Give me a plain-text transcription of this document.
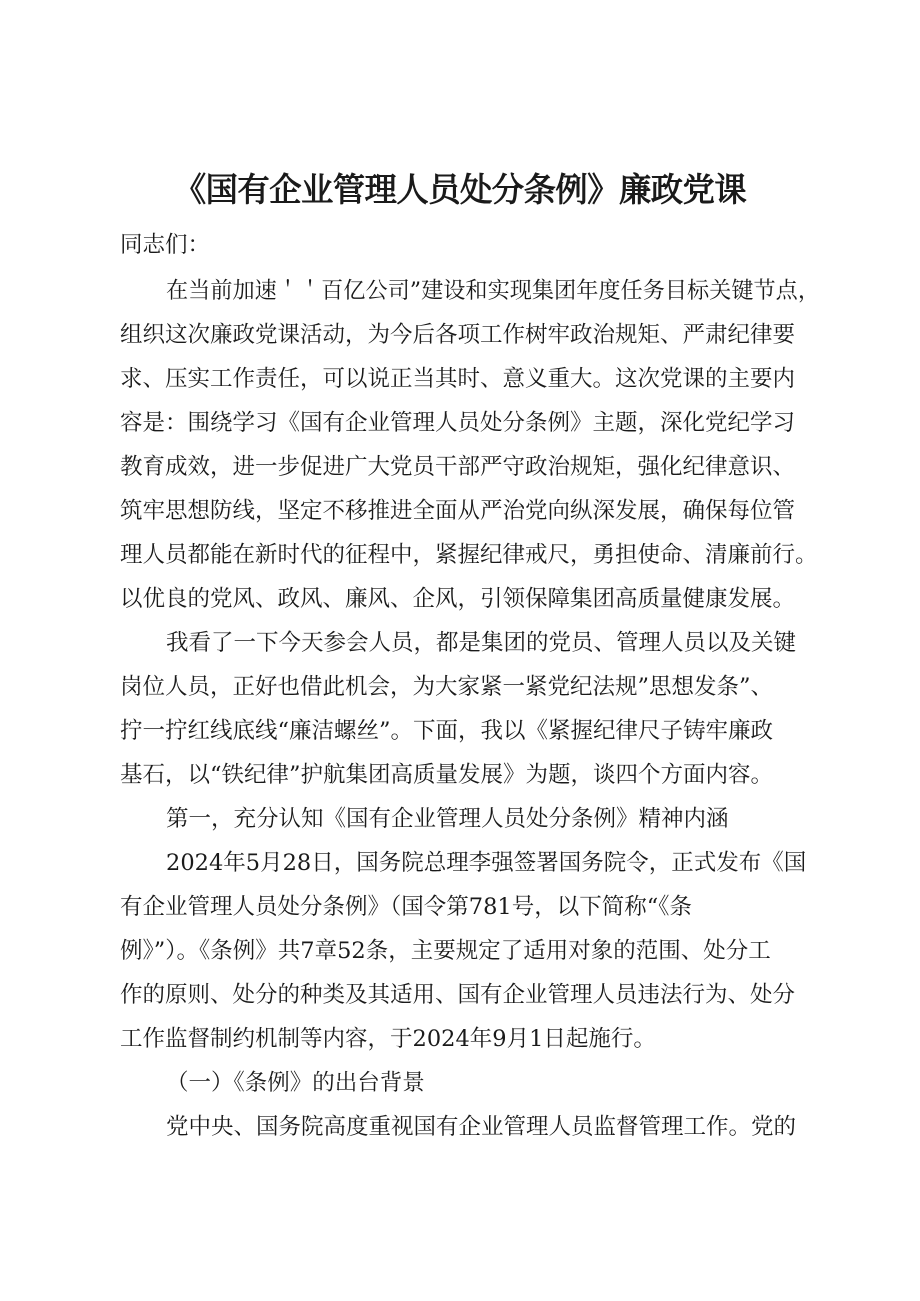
《国有企业管理人员处分条例》廉政党课
同志们：
在当前加速＇＇百亿公司”建设和实现集团年度任务目标关键节点，
组织这次廉政党课活动，为今后各项工作树牢政治规矩、严肃纪律要
求、压实工作责任，可以说正当其时、意义重大。这次党课的主要内
容是：围绕学习《国有企业管理人员处分条例》主题，深化党纪学习
教育成效，进一步促进广大党员干部严守政治规矩，强化纪律意识、
筑牢思想防线，坚定不移推进全面从严治党向纵深发展，确保每位管
理人员都能在新时代的征程中，紧握纪律戒尺，勇担使命、清廉前行。
以优良的党风、政风、廉风、企风，引领保障集团高质量健康发展。
我看了一下今天参会人员，都是集团的党员、管理人员以及关键
岗位人员，正好也借此机会，为大家紧一紧党纪法规”思想发条”、
拧一拧红线底线“廉洁螺丝”。下面，我以《紧握纪律尺子铸牢廉政
基石，以“铁纪律”护航集团高质量发展》为题，谈四个方面内容。
第一，充分认知《国有企业管理人员处分条例》精神内涵
2024年5月28日，国务院总理李强签署国务院令，正式发布《国
有企业管理人员处分条例》（国令第781号，以下简称“《条
例》”）。《条例》共7章52条，主要规定了适用对象的范围、处分工
作的原则、处分的种类及其适用、国有企业管理人员违法行为、处分
工作监督制约机制等内容，于2024年9月1日起施行。
（一）《条例》的出台背景
党中央、国务院高度重视国有企业管理人员监督管理工作。党的
